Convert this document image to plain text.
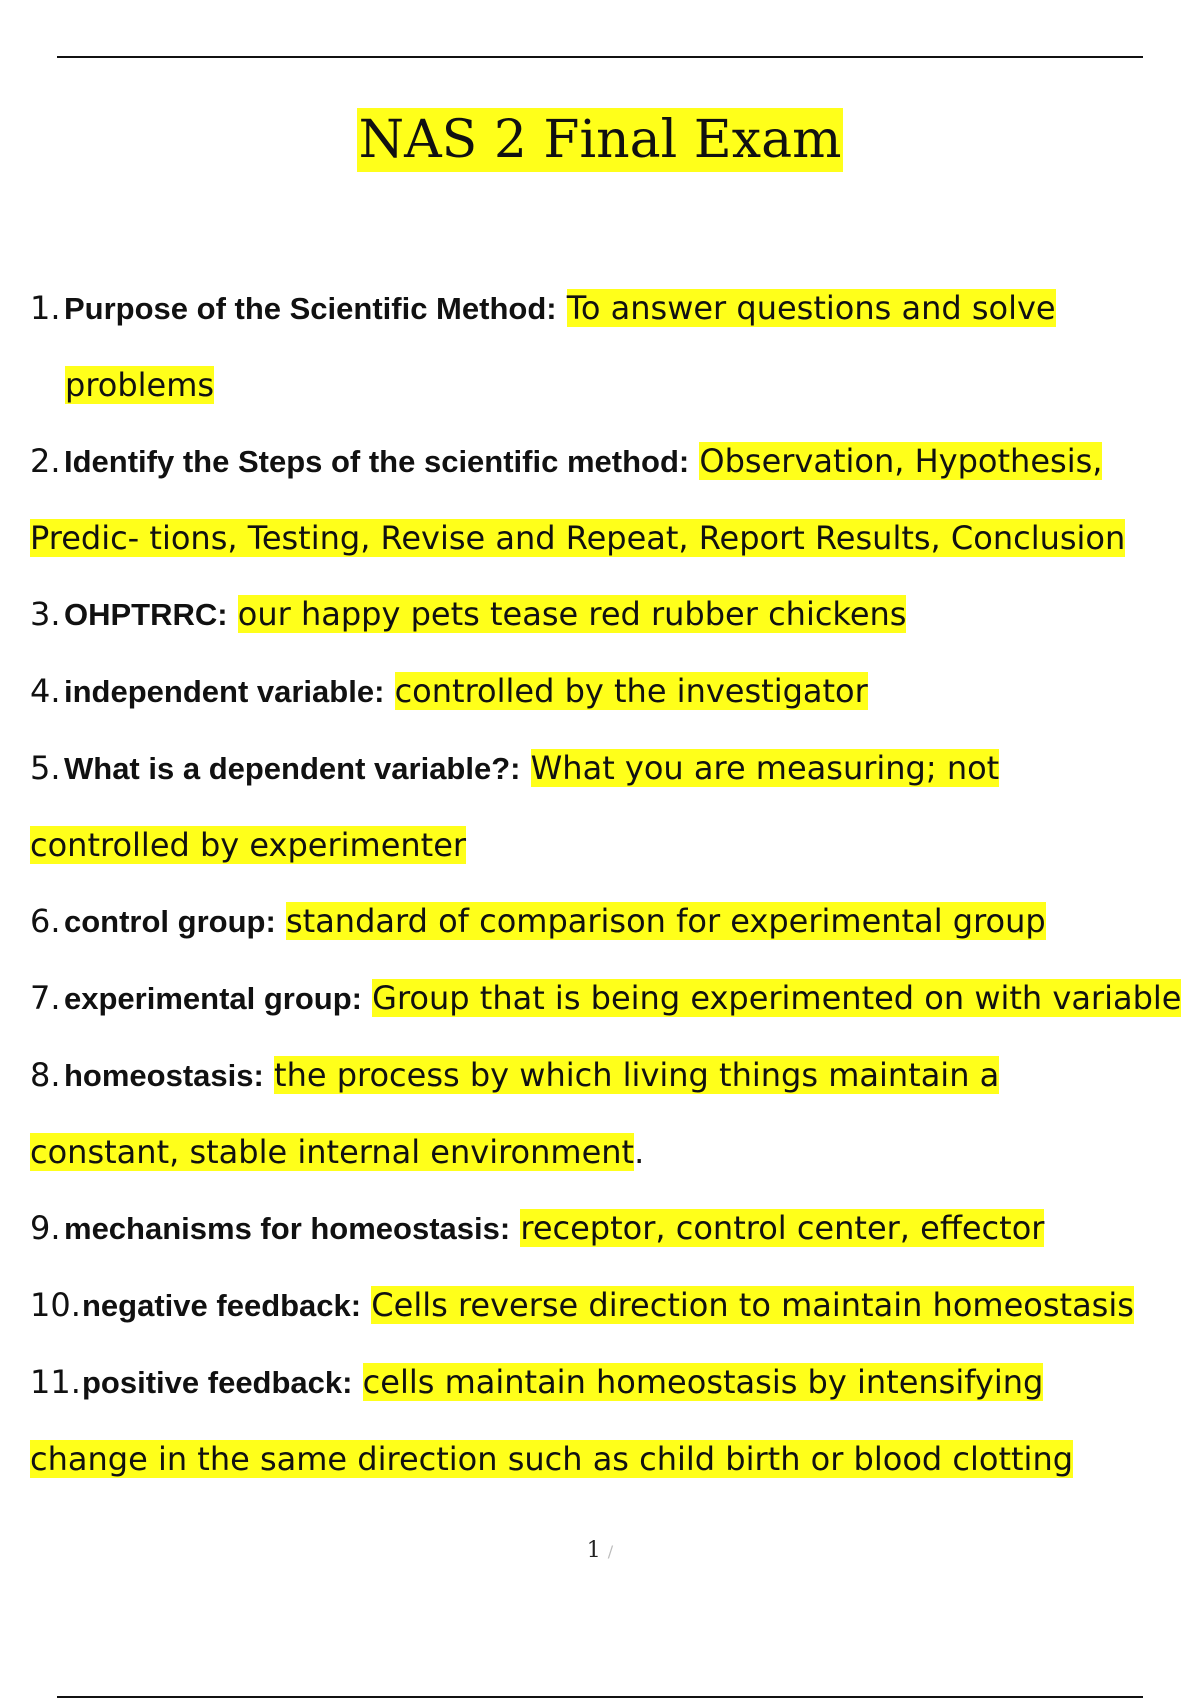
NAS 2 Final Exam
1. Purpose of the Scientific Method: To answer questions and solve
problems
2. Identify the Steps of the scientific method: Observation, Hypothesis,
Predic- tions, Testing, Revise and Repeat, Report Results, Conclusion
3. OHPTRRC: our happy pets tease red rubber chickens
4. independent variable: controlled by the investigator
5. What is a dependent variable?: What you are measuring; not
controlled by experimenter
6. control group: standard of comparison for experimental group
7. experimental group: Group that is being experimented on with variable
8. homeostasis: the process by which living things maintain a
constant, stable internal environment.
9. mechanisms for homeostasis: receptor, control center, effector
10.negative feedback: Cells reverse direction to maintain homeostasis
11.positive feedback: cells maintain homeostasis by intensifying
change in the same direction such as child birth or blood clotting
1 /
